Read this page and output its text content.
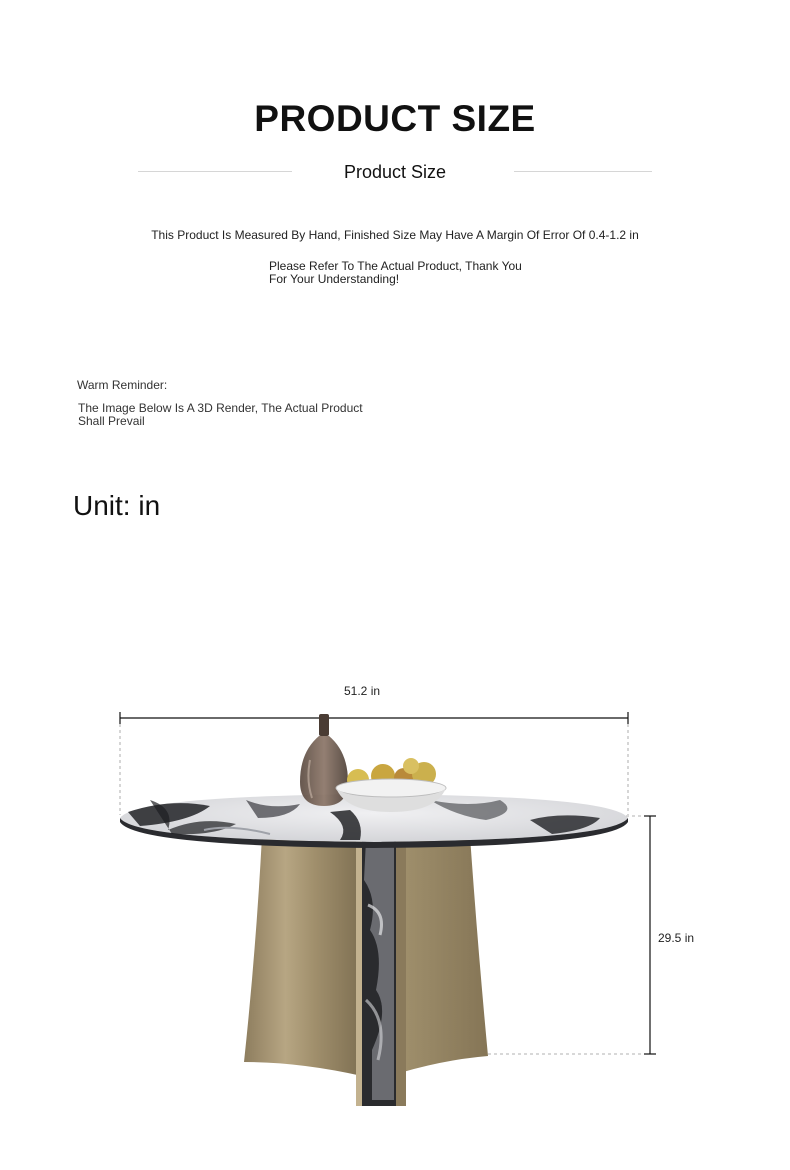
PRODUCT SIZE
Product Size
This Product Is Measured By Hand, Finished Size May Have A Margin Of Error Of 0.4-1.2 in
Please Refer To The Actual Product, Thank You For Your Understanding!
Warm Reminder:
The Image Below Is A 3D Render, The Actual Product Shall Prevail
Unit: in
51.2 in
29.5 in
